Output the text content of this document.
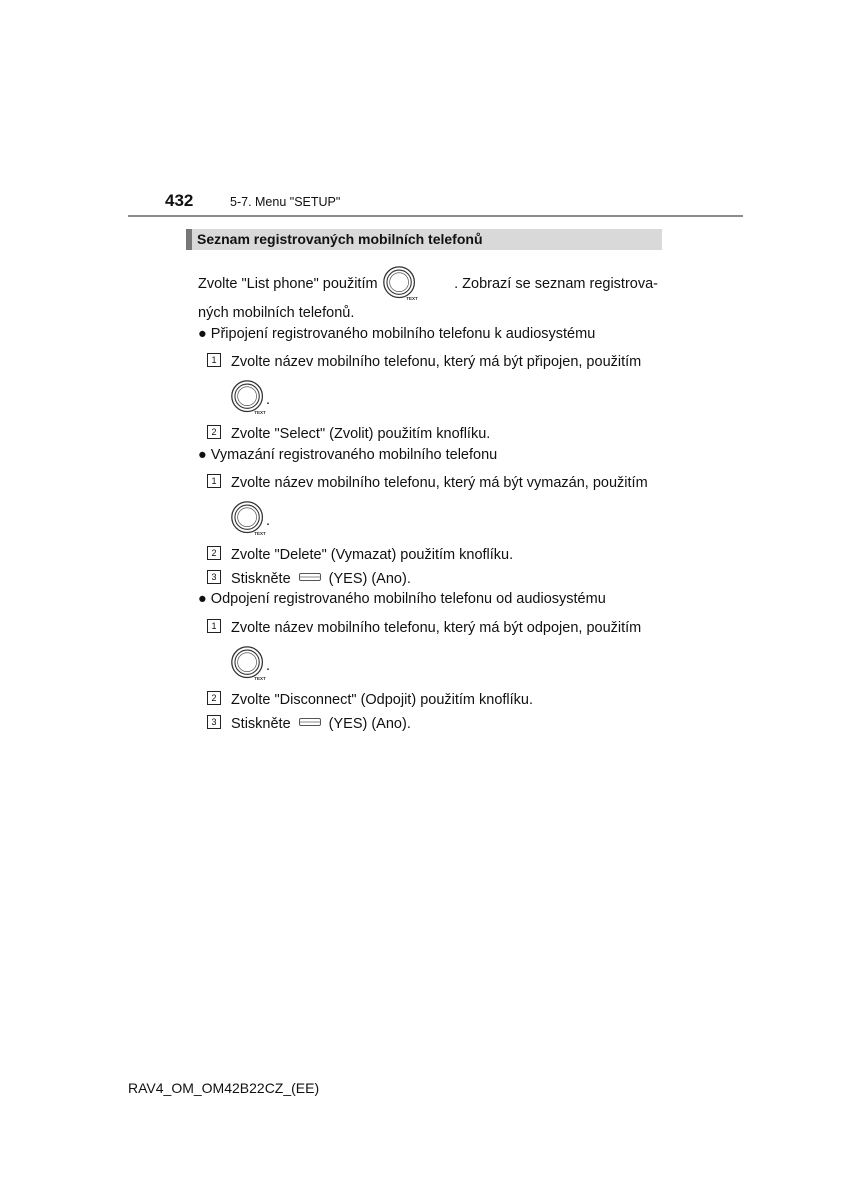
432	5-7. Menu "SETUP"
Seznam registrovaných mobilních telefonů
Zvolte "List phone" použitím
TEXT
. Zobrazí se seznam registrova-
ných mobilních telefonů.
● Připojení registrovaného mobilního telefonu k audiosystému
1 Zvolte název mobilního telefonu, který má být připojen, použitím
TEXT
.
2 Zvolte "Select" (Zvolit) použitím knoflíku.
● Vymazání registrovaného mobilního telefonu
1 Zvolte název mobilního telefonu, který má být vymazán, použitím
TEXT
.
2 Zvolte "Delete" (Vymazat) použitím knoflíku.
3 Stiskněte	(YES) (Ano).
● Odpojení registrovaného mobilního telefonu od audiosystému
1 Zvolte název mobilního telefonu, který má být odpojen, použitím
TEXT
.
2 Zvolte "Disconnect" (Odpojit) použitím knoflíku.
3 Stiskněte	(YES) (Ano).
RAV4_OM_OM42B22CZ_(EE)
